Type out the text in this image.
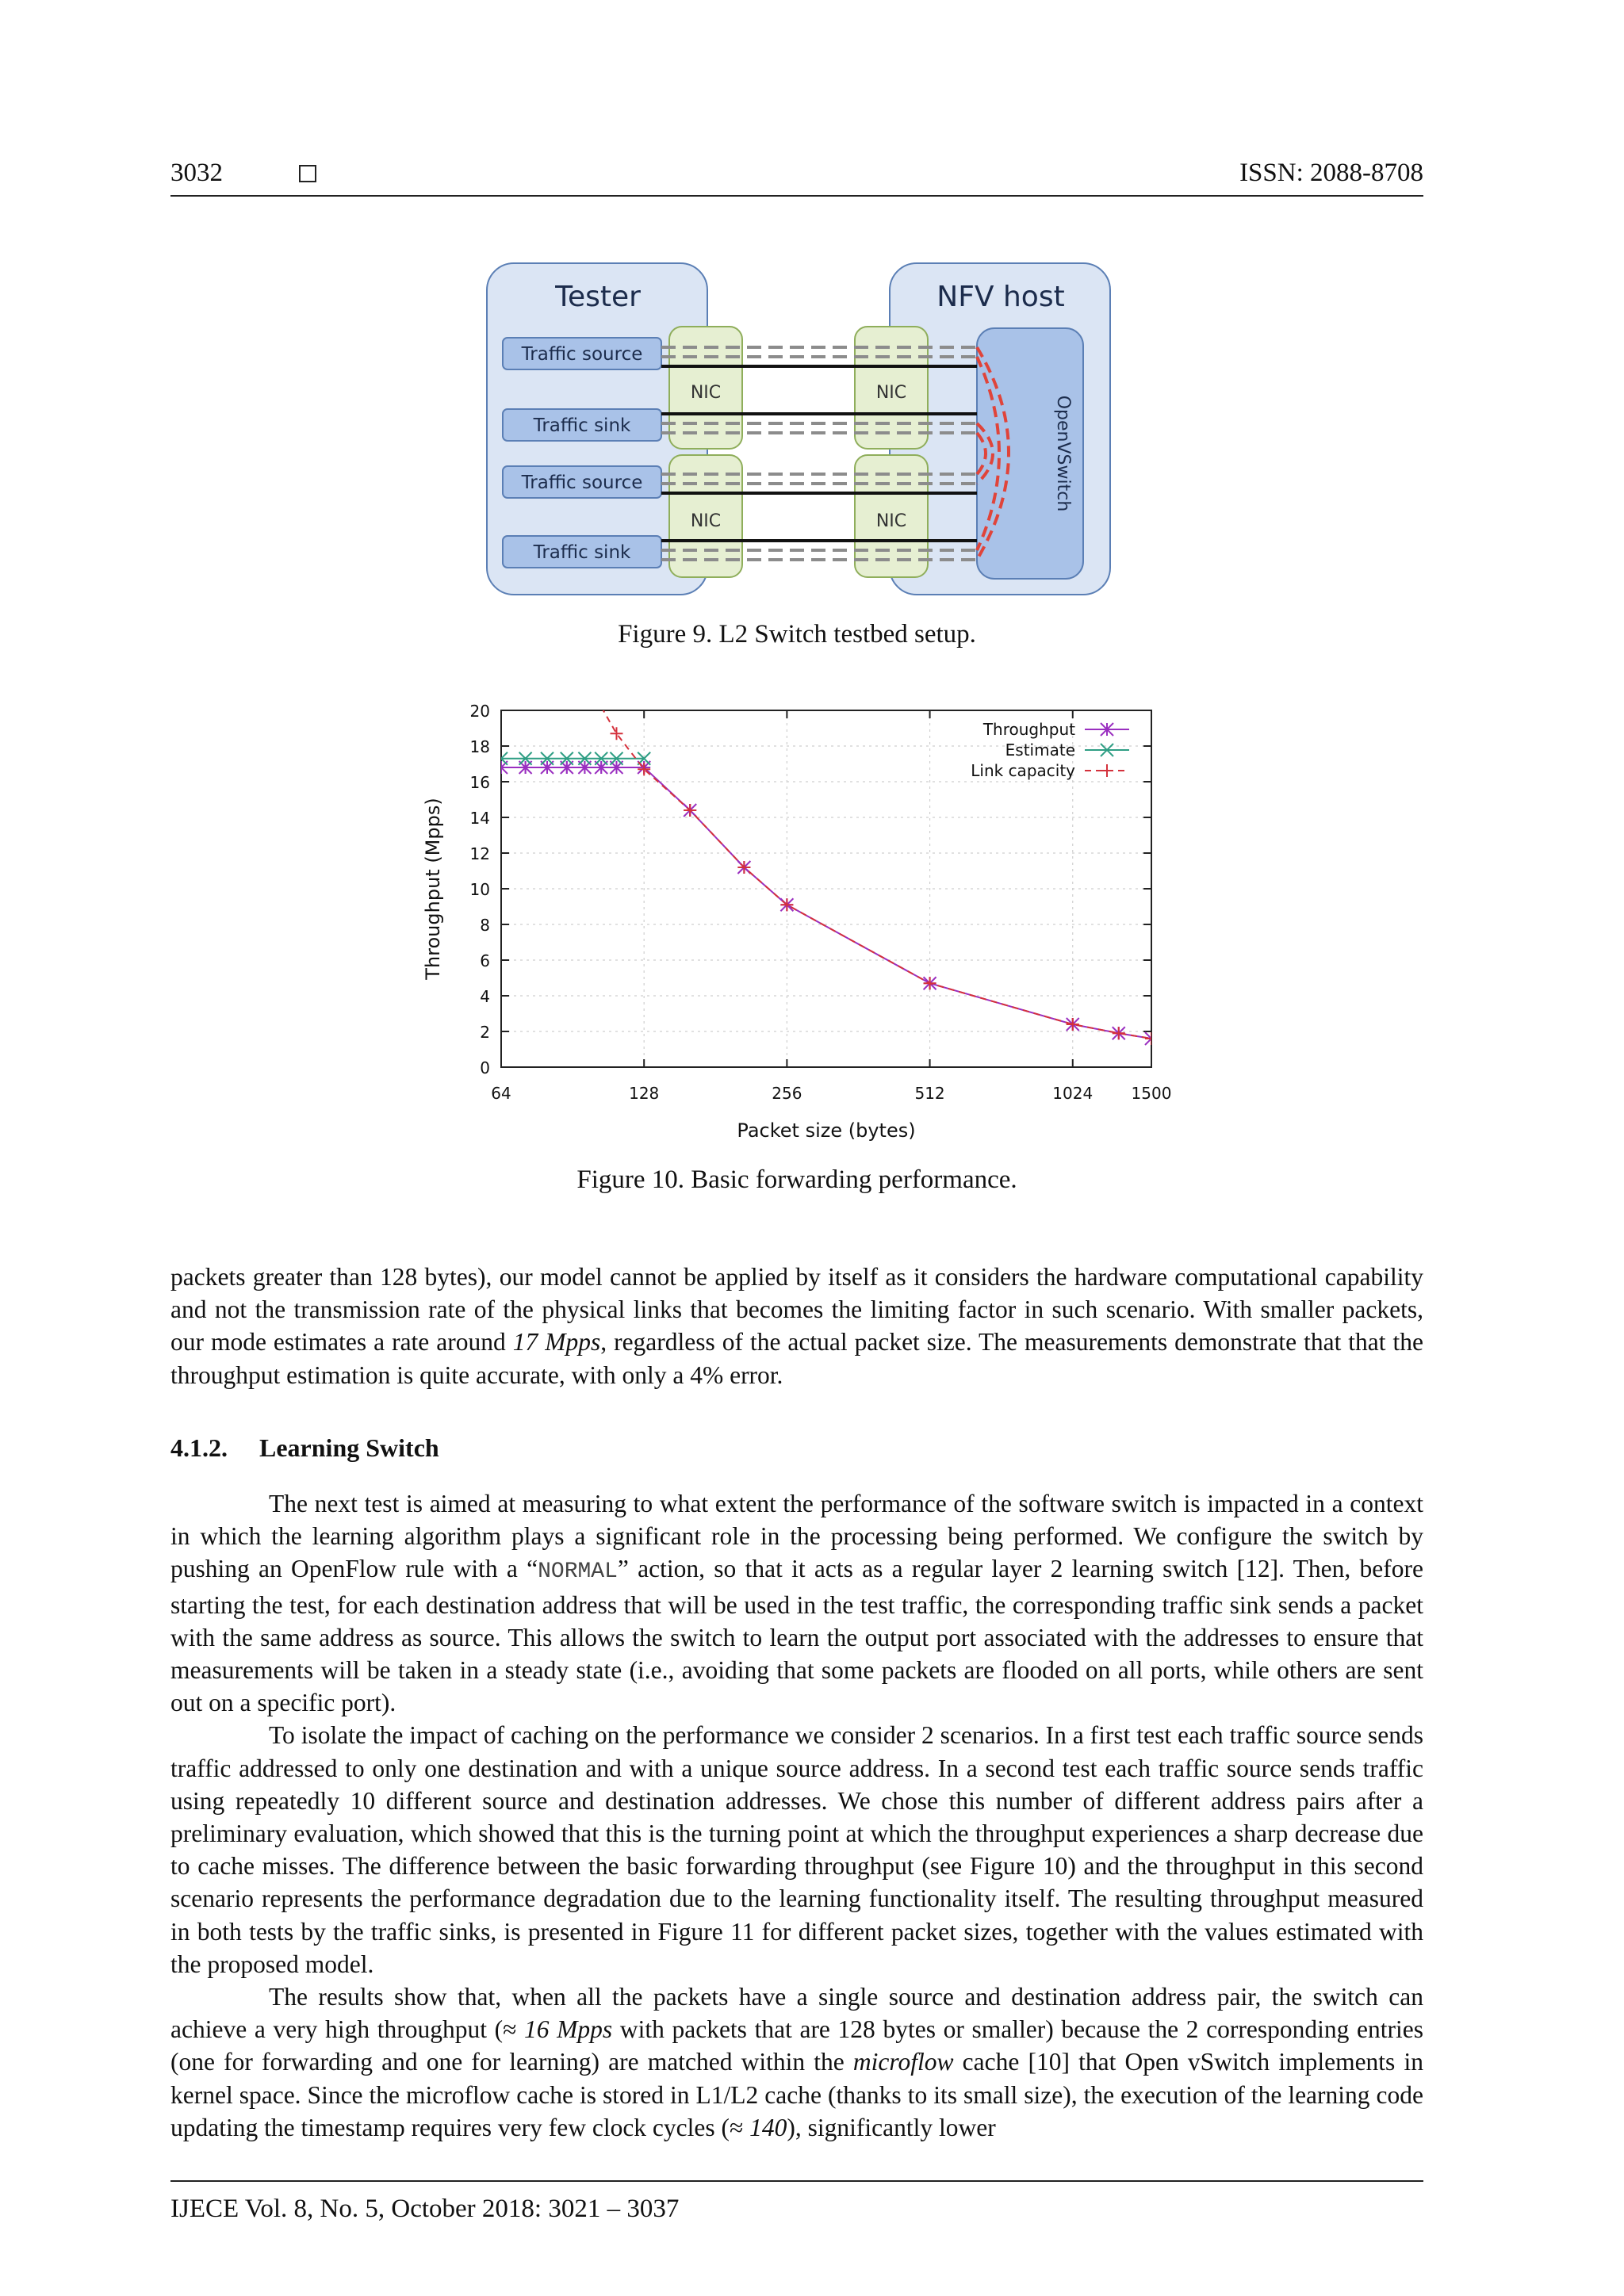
3032	ISSN: 2088-8708
Tester	NFV host
OpenVSwitch
NIC
NIC
NIC
NIC
Traffic source
Traffic sink
Traffic source
Traffic sink
Figure 9. L2 Switch testbed setup.
0
2
4
6
8
10
12
14
16
18
20
64	128	256	512	1024 1500
Packet size (bytes)
Throughput (Mpps)
Throughput
Estimate
Link capacity
Figure 10. Basic forwarding performance.

packets greater than 128 bytes), our model cannot be applied by itself as it considers the hardware computational capability and not the transmission rate of the physical links that becomes the limiting factor in such scenario. With smaller packets, our mode estimates a rate around 17 Mpps, regardless of the actual packet size. The measurements demonstrate that that the throughput estimation is quite accurate, with only a 4% error.

4.1.2. Learning Switch

The next test is aimed at measuring to what extent the performance of the software switch is impacted in a context in which the learning algorithm plays a significant role in the processing being performed. We configure the switch by pushing an OpenFlow rule with a “NORMAL” action, so that it acts as a regular layer 2 learning switch [12]. Then, before starting the test, for each destination address that will be used in the test traffic, the corresponding traffic sink sends a packet with the same address as source. This allows the switch to learn the output port associated with the addresses to ensure that measurements will be taken in a steady state (i.e., avoiding that some packets are flooded on all ports, while others are sent out on a specific port).

To isolate the impact of caching on the performance we consider 2 scenarios. In a first test each traffic source sends traffic addressed to only one destination and with a unique source address. In a second test each traffic source sends traffic using repeatedly 10 different source and destination addresses. We chose this number of different address pairs after a preliminary evaluation, which showed that this is the turning point at which the throughput experiences a sharp decrease due to cache misses. The difference between the basic forwarding throughput (see Figure 10) and the throughput in this second scenario represents the performance degradation due to the learning functionality itself. The resulting throughput measured in both tests by the traffic sinks, is presented in Figure 11 for different packet sizes, together with the values estimated with the proposed model.

The results show that, when all the packets have a single source and destination address pair, the switch can achieve a very high throughput (≈ 16 Mpps with packets that are 128 bytes or smaller) because the 2 corresponding entries (one for forwarding and one for learning) are matched within the microflow cache [10] that Open vSwitch implements in kernel space. Since the microflow cache is stored in L1/L2 cache (thanks to its small size), the execution of the learning code updating the timestamp requires very few clock cycles (≈ 140), significantly lower

IJECE Vol. 8, No. 5, October 2018: 3021 – 3037
